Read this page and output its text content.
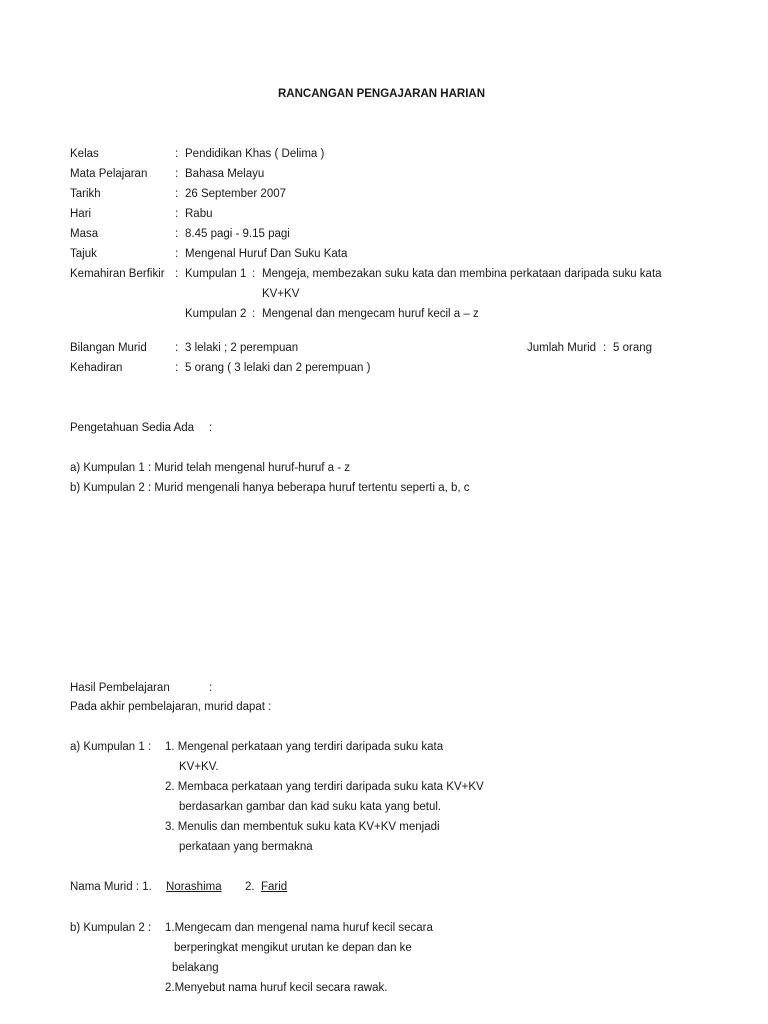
RANCANGAN PENGAJARAN HARIAN
Kelas	: Pendidikan Khas ( Delima )
Mata Pelajaran : Bahasa Melayu
Tarikh	: 26 September 2007
Hari	: Rabu
Masa	: 8.45 pagi - 9.15 pagi
Tajuk	: Mengenal Huruf Dan Suku Kata
Kemahiran Berfikir : Kumpulan 1 : Mengeja, membezakan suku kata dan membina perkataan daripada suku kata
KV+KV
Kumpulan 2 : Mengenal dan mengecam huruf kecil a – z
Bilangan Murid : 3 lelaki ; 2 perempuan	Jumlah Murid : 5 orang
Kehadiran	: 5 orang ( 3 lelaki dan 2 perempuan )
Pengetahuan Sedia Ada :
a) Kumpulan 1 : Murid telah mengenal huruf-huruf a - z
b) Kumpulan 2 : Murid mengenali hanya beberapa huruf tertentu seperti a, b, c
Hasil Pembelajaran	:
Pada akhir pembelajaran, murid dapat :
a) Kumpulan 1 : 1. Mengenal perkataan yang terdiri daripada suku kata
KV+KV.
2. Membaca perkataan yang terdiri daripada suku kata KV+KV
berdasarkan gambar dan kad suku kata yang betul.
3. Menulis dan membentuk suku kata KV+KV menjadi
perkataan yang bermakna
Nama Murid : 1. Norashima 2. Farid
b) Kumpulan 2 : 1.Mengecam dan mengenal nama huruf kecil secara
berperingkat mengikut urutan ke depan dan ke
belakang
2.Menyebut nama huruf kecil secara rawak.
